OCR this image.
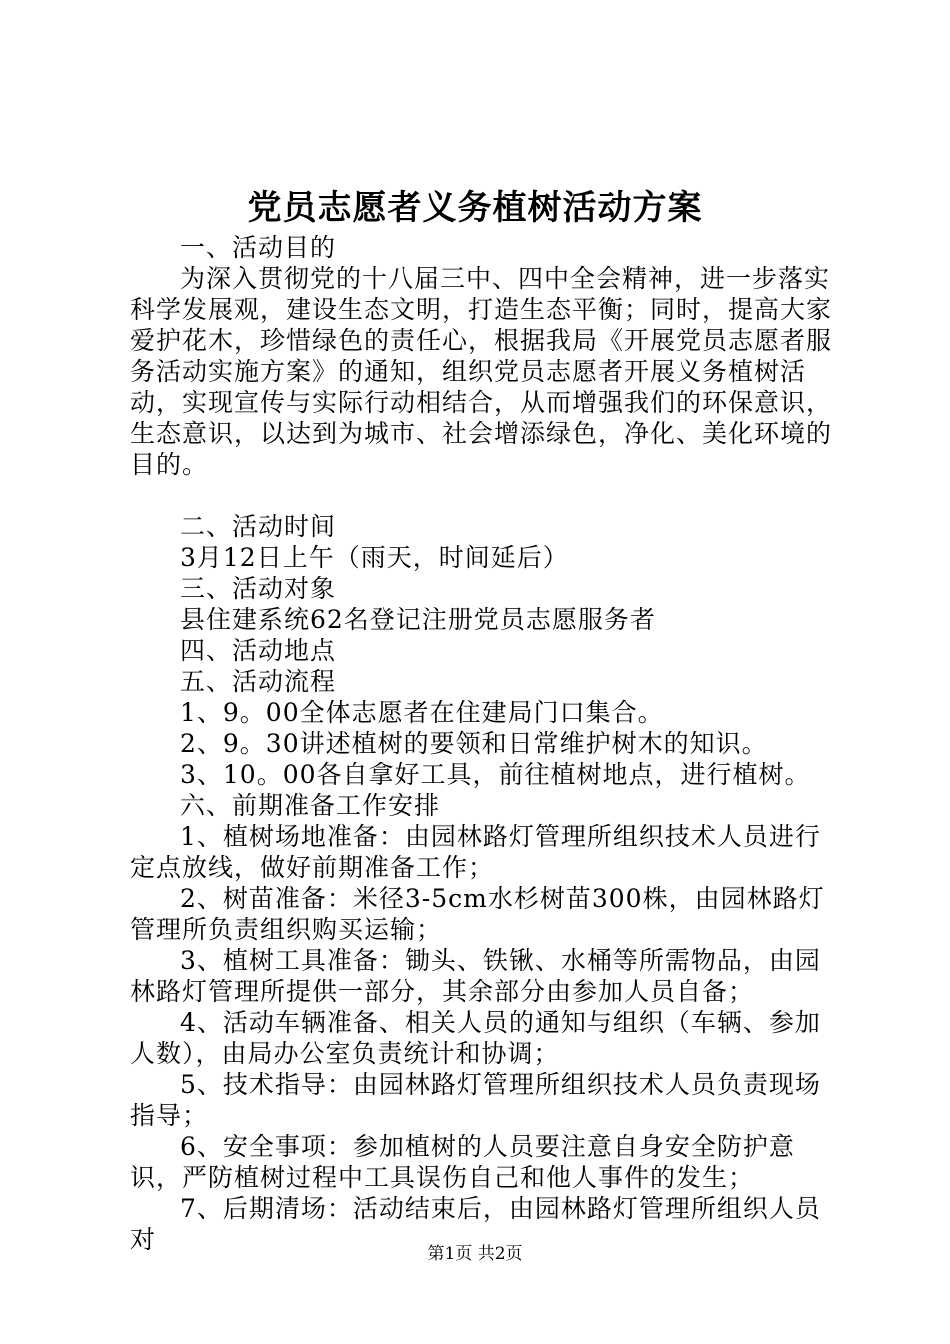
党员志愿者义务植树活动方案

一、活动目的

为深入贯彻党的十八届三中、四中全会精神，进一步落实科学发展观，建设生态文明，打造生态平衡；同时，提高大家爱护花木，珍惜绿色的责任心，根据我局《开展党员志愿者服务活动实施方案》的通知，组织党员志愿者开展义务植树活动，实现宣传与实际行动相结合，从而增强我们的环保意识，生态意识，以达到为城市、社会增添绿色，净化、美化环境的目的。

二、活动时间

3月12日上午（雨天，时间延后）

三、活动对象

县住建系统62名登记注册党员志愿服务者

四、活动地点

五、活动流程

1、9。00全体志愿者在住建局门口集合。

2、9。30讲述植树的要领和日常维护树木的知识。

3、10。00各自拿好工具，前往植树地点，进行植树。

六、前期准备工作安排

1、植树场地准备：由园林路灯管理所组织技术人员进行定点放线，做好前期准备工作；

2、树苗准备：米径3-5cm水杉树苗300株，由园林路灯管理所负责组织购买运输；

3、植树工具准备：锄头、铁锹、水桶等所需物品，由园林路灯管理所提供一部分，其余部分由参加人员自备；

4、活动车辆准备、相关人员的通知与组织（车辆、参加人数），由局办公室负责统计和协调；

5、技术指导：由园林路灯管理所组织技术人员负责现场指导；

6、安全事项：参加植树的人员要注意自身安全防护意识，严防植树过程中工具误伤自己和他人事件的发生；

7、后期清场：活动结束后，由园林路灯管理所组织人员对	第1页 共2页
